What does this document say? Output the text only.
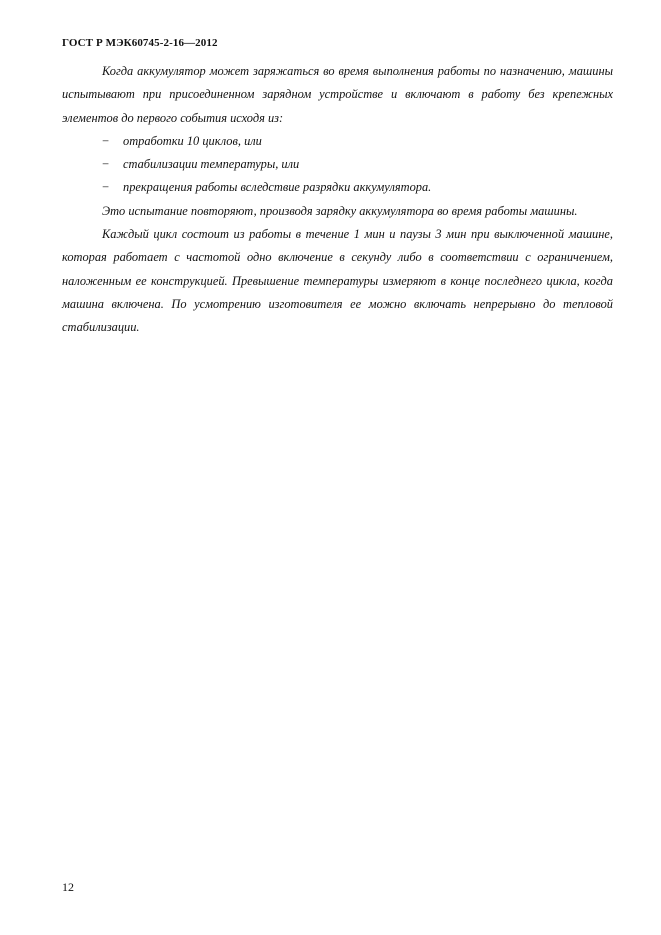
ГОСТ Р МЭК60745-2-16—2012

Когда аккумулятор может заряжаться во время выполнения работы по назначению, машины испытывают при присоединенном зарядном устройстве и включают в работу без крепежных элементов до первого события исходя из:

− отработки 10 циклов, или

− стабилизации температуры, или

− прекращения работы вследствие разрядки аккумулятора.

Это испытание повторяют, производя зарядку аккумулятора во время работы машины.

Каждый цикл состоит из работы в течение 1 мин и паузы 3 мин при выключенной машине, которая работает с частотой одно включение в секунду либо в соответствии с ограничением, наложенным ее конструкцией. Превышение температуры измеряют в конце последнего цикла, когда машина включена. По усмотрению изготовителя ее можно включать непрерывно до тепловой стабилизации.

12
